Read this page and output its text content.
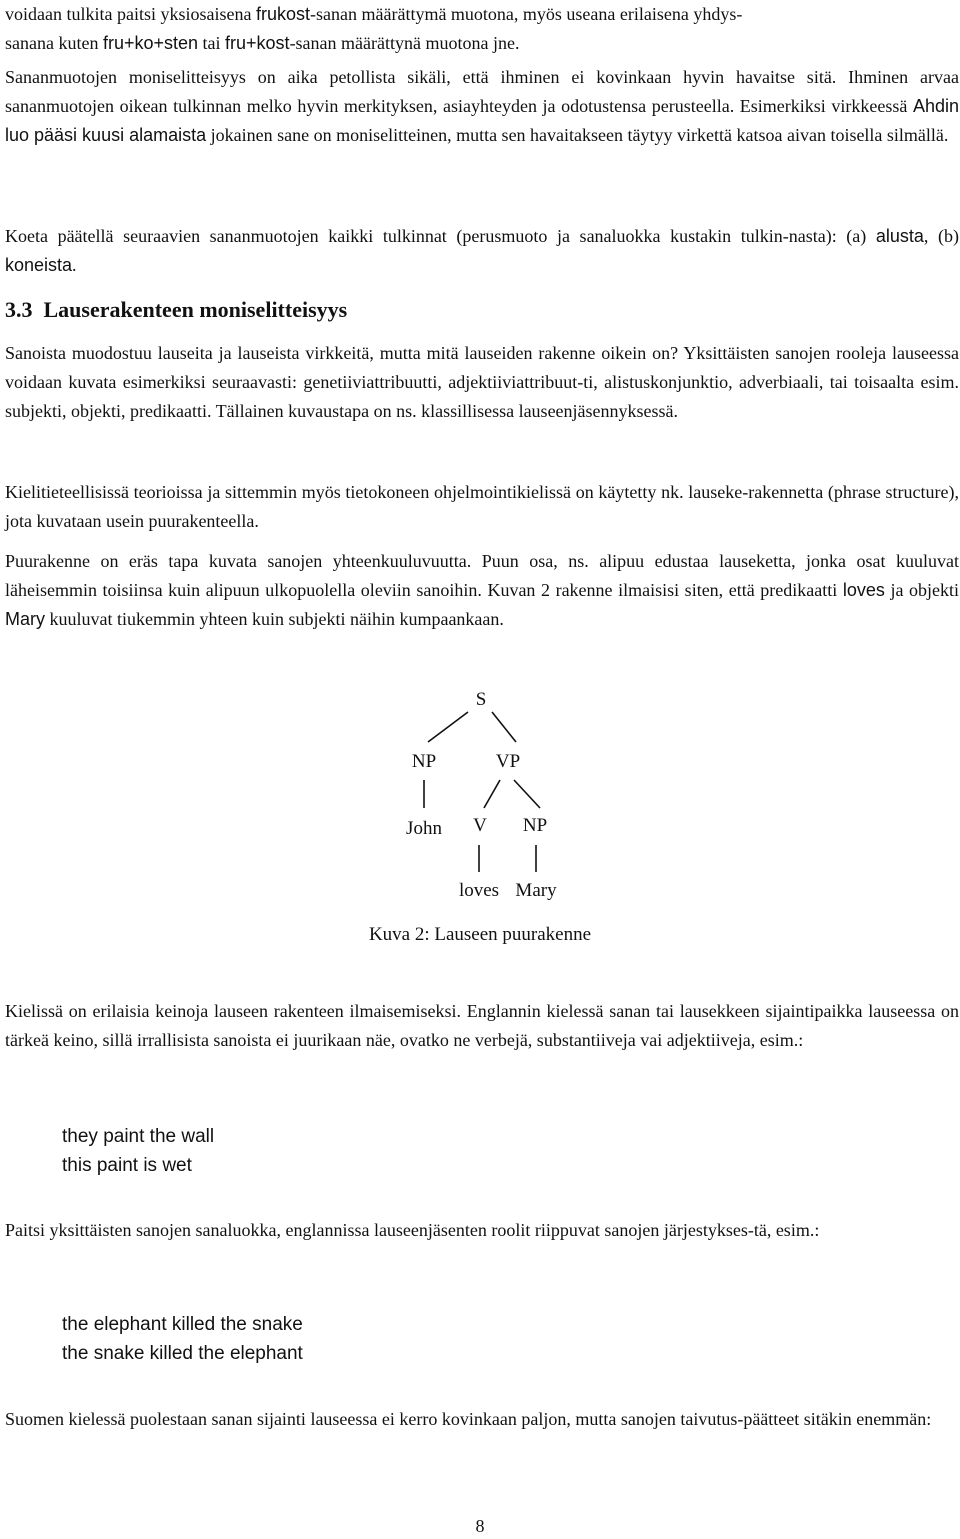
voidaan tulkita paitsi yksiosaisena frukost-sanan määrättymä muotona, myös useana erilaisena yhdys-
sanana kuten fru+ko+sten tai fru+kost-sanan määrättynä muotona jne.

Sananmuotojen moniselitteisyys on aika petollista sikäli, että ihminen ei kovinkaan hyvin havaitse sitä. Ihminen arvaa sananmuotojen oikean tulkinnan melko hyvin merkityksen, asiayhteyden ja odotustensa perusteella. Esimerkiksi virkkeessä Ahdin luo pääsi kuusi alamaista jokainen sane on moniselitteinen, mutta sen havaitakseen täytyy virkettä katsoa aivan toisella silmällä.

Koeta päätellä seuraavien sananmuotojen kaikki tulkinnat (perusmuoto ja sanaluokka kustakin tulkin-nasta): (a) alusta, (b) koneista.

3.3 Lauserakenteen moniselitteisyys

Sanoista muodostuu lauseita ja lauseista virkkeitä, mutta mitä lauseiden rakenne oikein on? Yksittäisten sanojen rooleja lauseessa voidaan kuvata esimerkiksi seuraavasti: genetiiviattribuutti, adjektiiviattribuut-ti, alistuskonjunktio, adverbiaali, tai toisaalta esim. subjekti, objekti, predikaatti. Tällainen kuvaustapa on ns. klassillisessa lauseenjäsennyksessä.

Kielitieteellisissä teorioissa ja sittemmin myös tietokoneen ohjelmointikielissä on käytetty nk. lauseke-rakennetta (phrase structure), jota kuvataan usein puurakenteella.

Puurakenne on eräs tapa kuvata sanojen yhteenkuuluvuutta. Puun osa, ns. alipuu edustaa lauseketta, jonka osat kuuluvat läheisemmin toisiinsa kuin alipuun ulkopuolella oleviin sanoihin. Kuvan 2 rakenne ilmaisisi siten, että predikaatti loves ja objekti Mary kuuluvat tiukemmin yhteen kuin subjekti näihin kumpaankaan.

S
NP	VP
John V NP
loves Mary
Kuva 2: Lauseen puurakenne

Kielissä on erilaisia keinoja lauseen rakenteen ilmaisemiseksi. Englannin kielessä sanan tai lausekkeen sijaintipaikka lauseessa on tärkeä keino, sillä irrallisista sanoista ei juurikaan näe, ovatko ne verbejä, substantiiveja vai adjektiiveja, esim.:

they paint the wall

this paint is wet

Paitsi yksittäisten sanojen sanaluokka, englannissa lauseenjäsenten roolit riippuvat sanojen järjestykses-tä, esim.:

the elephant killed the snake

the snake killed the elephant

Suomen kielessä puolestaan sanan sijainti lauseessa ei kerro kovinkaan paljon, mutta sanojen taivutus-päätteet sitäkin enemmän:

8
